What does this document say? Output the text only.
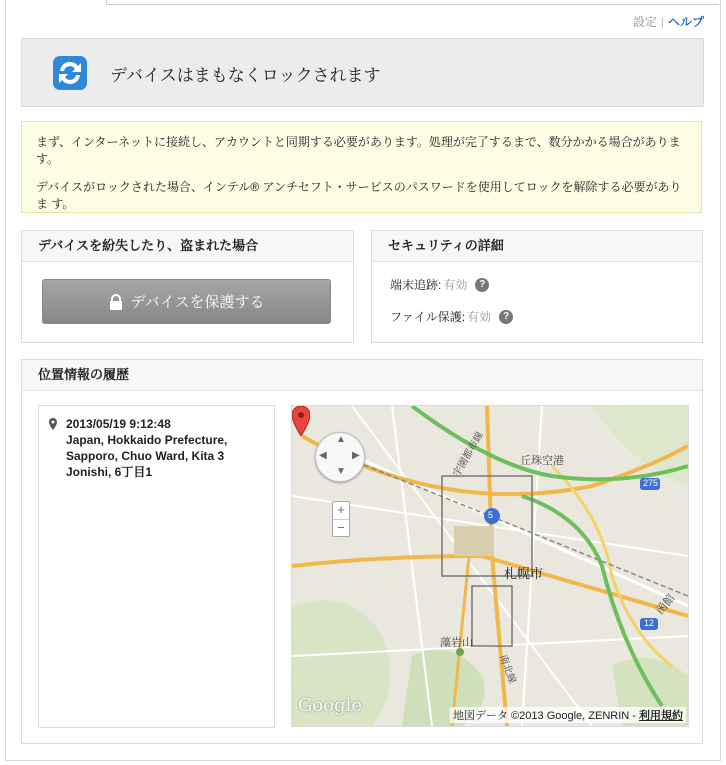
設定 | ヘルプ
デバイスはまもなくロックされます

まず、インターネットに接続し、アカウントと同期する必要があります。処理が完了するまで、数分かかる場合があります。

デバイスがロックされた場合、インテル® アンチセフト・サービスのパスワードを使用してロックを解除する必要がありま す。

デバイスを紛失したり、盗まれた場合
デバイスを保護する
セキュリティの詳細
端末追跡: 有効	?
ファイル保護: 有効	?
位置情報の履歴
2013/05/19 9:12:48
Japan, Hokkaido Prefecture, Sapporo, Chuo Ward, Kita 3 Jonishi, 6丁目1
▲
▼
◀	▶
+
−
丘珠空港
5
275
12
札幌市
藻岩山
宇園都市線
南北線
函館
Google	地図データ ©2013 Google, ZENRIN - 利用規約
